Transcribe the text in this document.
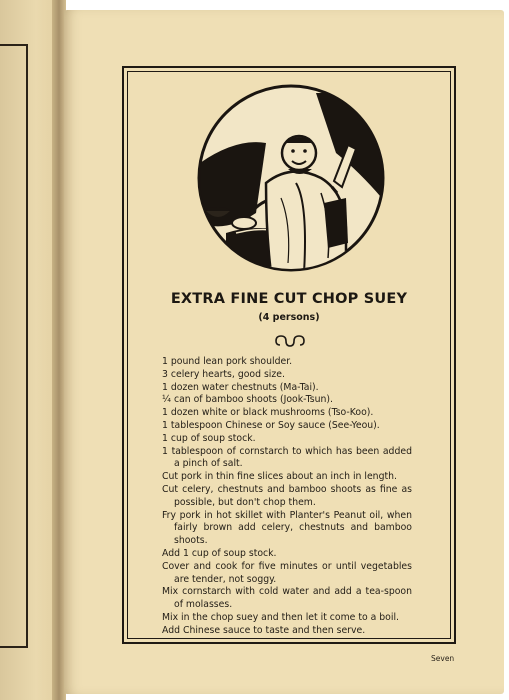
EXTRA FINE CUT CHOP SUEY
(4 persons)
1 pound lean pork shoulder.
3 celery hearts, good size.
1 dozen water chestnuts (Ma-Tai).
¼ can of bamboo shoots (Jook-Tsun).
1 dozen white or black mushrooms (Tso-Koo).
1 tablespoon Chinese or Soy sauce (See-Yeou).
1 cup of soup stock.
1 tablespoon of cornstarch to which has been added a pinch of salt.
Cut pork in thin fine slices about an inch in length.
Cut celery, chestnuts and bamboo shoots as fine as possible, but don't chop them.
Fry pork in hot skillet with Planter's Peanut oil, when fairly brown add celery, chestnuts and bamboo shoots.
Add 1 cup of soup stock.
Cover and cook for five minutes or until vegetables are tender, not soggy.
Mix cornstarch with cold water and add a tea-spoon of molasses.
Mix in the chop suey and then let it come to a boil.
Add Chinese sauce to taste and then serve.
Seven
